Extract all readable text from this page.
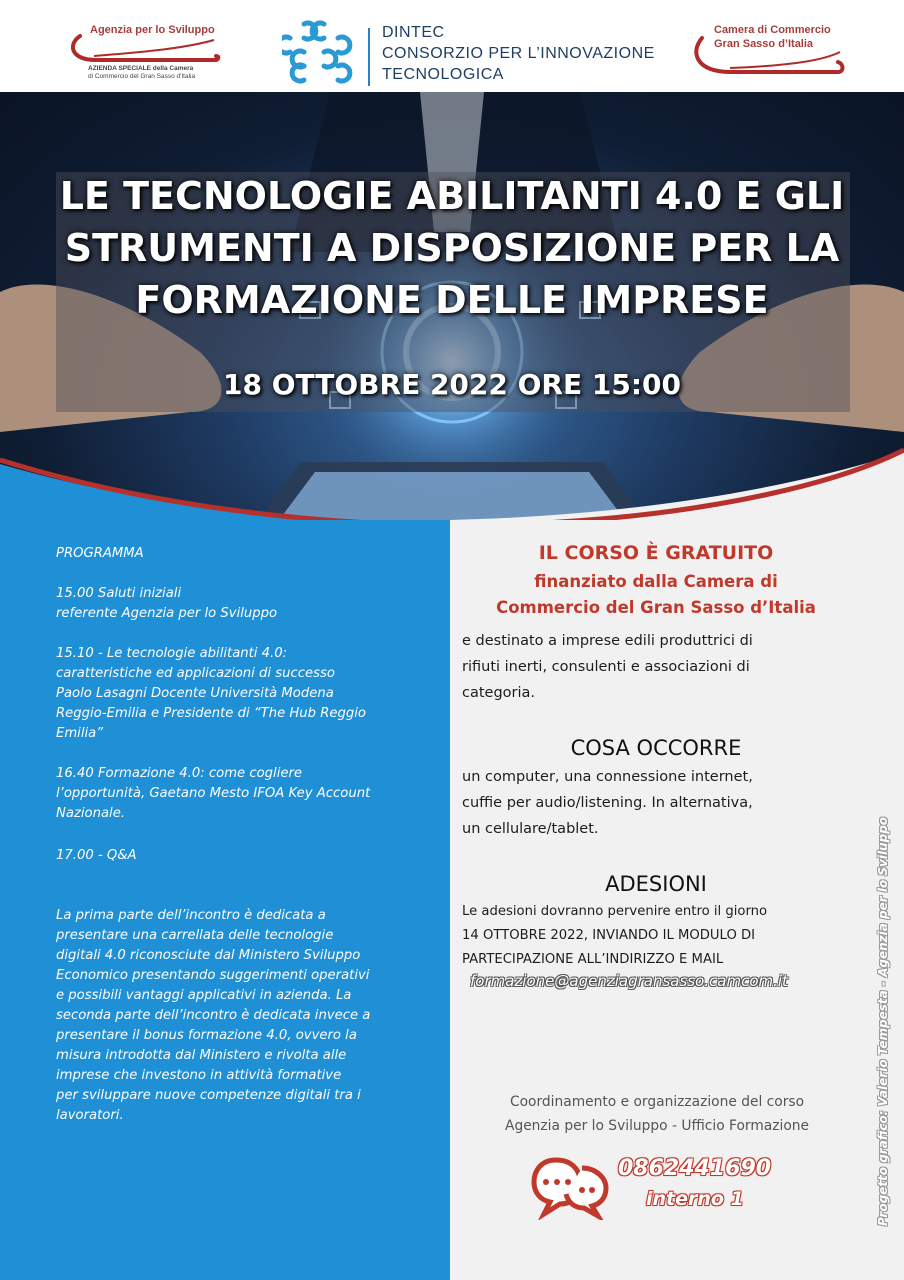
Agenzia per lo Sviluppo
AZIENDA SPECIALE della Camera
di Commercio del Gran Sasso d'Italia
DINTEC
CONSORZIO PER L’INNOVAZIONE
TECNOLOGICA
Camera di Commercio
Gran Sasso d’Italia
LE TECNOLOGIE ABILITANTI 4.0 E GLI
STRUMENTI A DISPOSIZIONE PER LA
FORMAZIONE DELLE IMPRESE
18 OTTOBRE 2022 ORE 15:00
PROGRAMMA
15.00 Saluti iniziali
referente Agenzia per lo Sviluppo
15.10 - Le tecnologie abilitanti 4.0:
caratteristiche ed applicazioni di successo
Paolo Lasagni Docente Università Modena
Reggio-Emilia e Presidente di “The Hub Reggio
Emilia”
16.40 Formazione 4.0: come cogliere
l’opportunità, Gaetano Mesto IFOA Key Account
Nazionale.
17.00 - Q&A
La prima parte dell’incontro è dedicata a
presentare una carrellata delle tecnologie
digitali 4.0 riconosciute dal Ministero Sviluppo
Economico presentando suggerimenti operativi
e possibili vantaggi applicativi in azienda. La
seconda parte dell’incontro è dedicata invece a
presentare il bonus formazione 4.0, ovvero la
misura introdotta dal Ministero e rivolta alle
imprese che investono in attività formative
per sviluppare nuove competenze digitali tra i
lavoratori.
IL CORSO È GRATUITO
finanziato dalla Camera di
Commercio del Gran Sasso d’Italia
e destinato a imprese edili produttrici di
rifiuti inerti, consulenti e associazioni di
categoria.
COSA OCCORRE
un computer, una connessione internet,
cuffie per audio/listening. In alternativa,
un cellulare/tablet.
ADESIONI
Le adesioni dovranno pervenire entro il giorno
14 OTTOBRE 2022, INVIANDO IL MODULO DI
PARTECIPAZIONE ALL’INDIRIZZO E MAIL
formazione@agenziagransasso.camcom.it
Coordinamento e organizzazione del corso
Agenzia per lo Sviluppo - Ufficio Formazione
0862441690
interno 1	Progetto grafico: Valerio Tempesta - Agenzia per lo Sviluppo
